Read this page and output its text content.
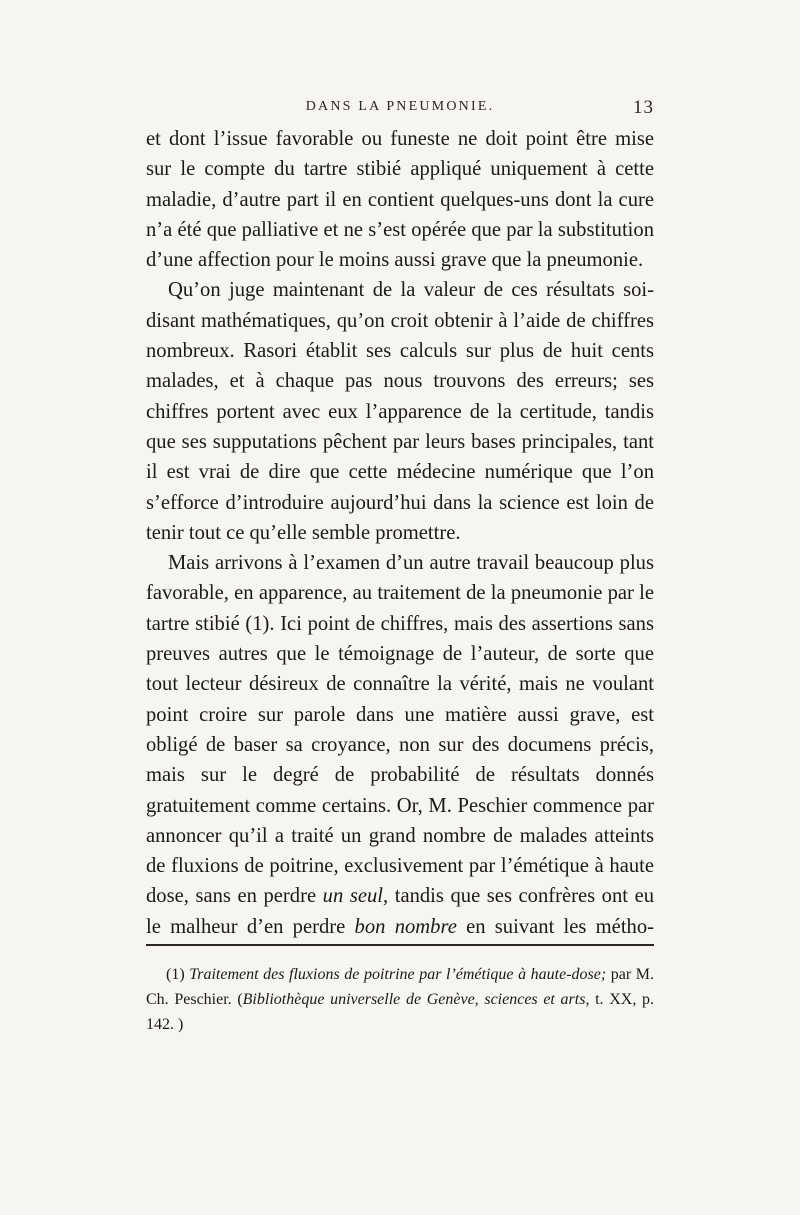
DANS LA PNEUMONIE.	13

et dont l’issue favorable ou funeste ne doit point être mise sur le compte du tartre stibié appliqué uniquement à cette maladie, d’autre part il en contient quelques-uns dont la cure n’a été que palliative et ne s’est opérée que par la substitution d’une affection pour le moins aussi grave que la pneumonie.

Qu’on juge maintenant de la valeur de ces résultats soi-disant mathématiques, qu’on croit obtenir à l’aide de chiffres nombreux. Rasori établit ses calculs sur plus de huit cents malades, et à chaque pas nous trouvons des erreurs; ses chiffres portent avec eux l’apparence de la certitude, tandis que ses supputations pêchent par leurs bases principales, tant il est vrai de dire que cette médecine numérique que l’on s’efforce d’introduire aujourd’hui dans la science est loin de tenir tout ce qu’elle semble promettre.

Mais arrivons à l’examen d’un autre travail beaucoup plus favorable, en apparence, au traitement de la pneumonie par le tartre stibié (1). Ici point de chiffres, mais des assertions sans preuves autres que le témoignage de l’auteur, de sorte que tout lecteur désireux de connaître la vérité, mais ne voulant point croire sur parole dans une matière aussi grave, est obligé de baser sa croyance, non sur des documens précis, mais sur le degré de probabilité de résultats donnés gratuitement comme certains. Or, M. Peschier commence par annoncer qu’il a traité un grand nombre de malades atteints de fluxions de poitrine, exclusivement par l’émétique à haute dose, sans en perdre un seul, tandis que ses confrères ont eu le malheur d’en perdre bon nombre en suivant les métho-

(1) Traitement des fluxions de poitrine par l’émétique à haute-dose; par M. Ch. Peschier. (Bibliothèque universelle de Genève, sciences et arts, t. XX, p. 142. )
